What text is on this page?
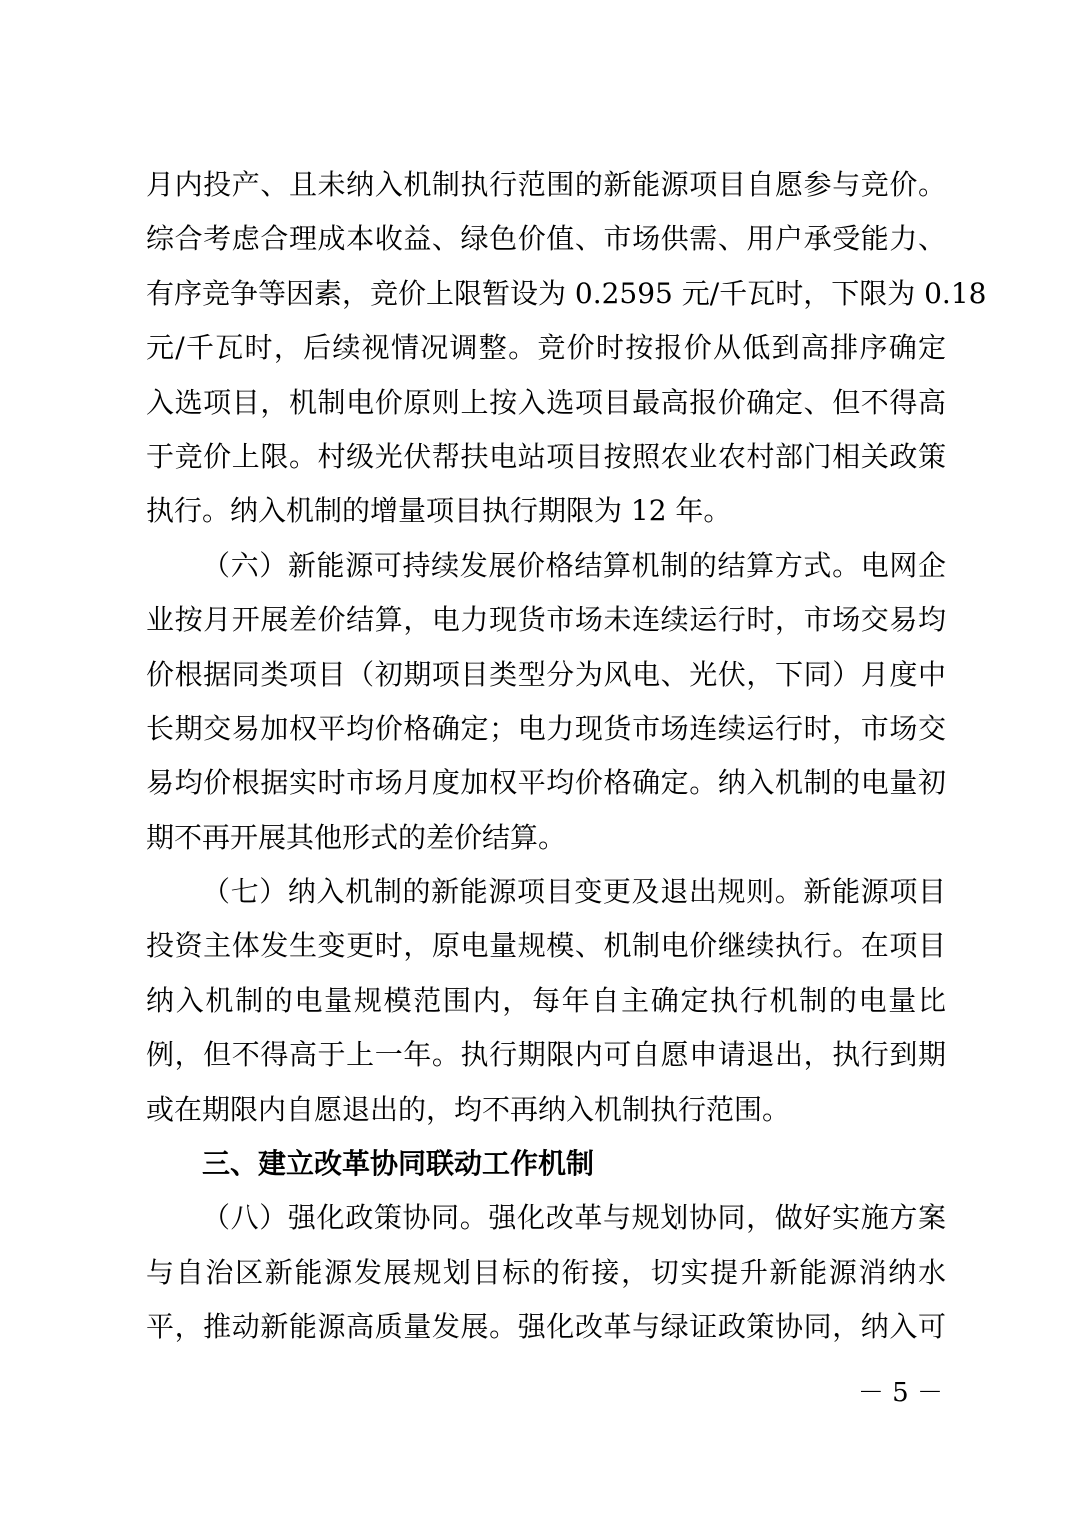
月内投产、且未纳入机制执行范围的新能源项目自愿参与竞价。
综合考虑合理成本收益、绿色价值、市场供需、用户承受能力、
有序竞争等因素，竞价上限暂设为 0.2595 元/千瓦时，下限为 0.18
元/千瓦时，后续视情况调整。竞价时按报价从低到高排序确定
入选项目，机制电价原则上按入选项目最高报价确定、但不得高
于竞价上限。村级光伏帮扶电站项目按照农业农村部门相关政策
执行。纳入机制的增量项目执行期限为 12 年。
（六）新能源可持续发展价格结算机制的结算方式。电网企
业按月开展差价结算，电力现货市场未连续运行时，市场交易均
价根据同类项目（初期项目类型分为风电、光伏，下同）月度中
长期交易加权平均价格确定；电力现货市场连续运行时，市场交
易均价根据实时市场月度加权平均价格确定。纳入机制的电量初
期不再开展其他形式的差价结算。
（七）纳入机制的新能源项目变更及退出规则。新能源项目
投资主体发生变更时，原电量规模、机制电价继续执行。在项目
纳入机制的电量规模范围内，每年自主确定执行机制的电量比
例，但不得高于上一年。执行期限内可自愿申请退出，执行到期
或在期限内自愿退出的，均不再纳入机制执行范围。
三、建立改革协同联动工作机制
（八）强化政策协同。强化改革与规划协同，做好实施方案
与自治区新能源发展规划目标的衔接，切实提升新能源消纳水
平，推动新能源高质量发展。强化改革与绿证政策协同，纳入可
－ 5 －
